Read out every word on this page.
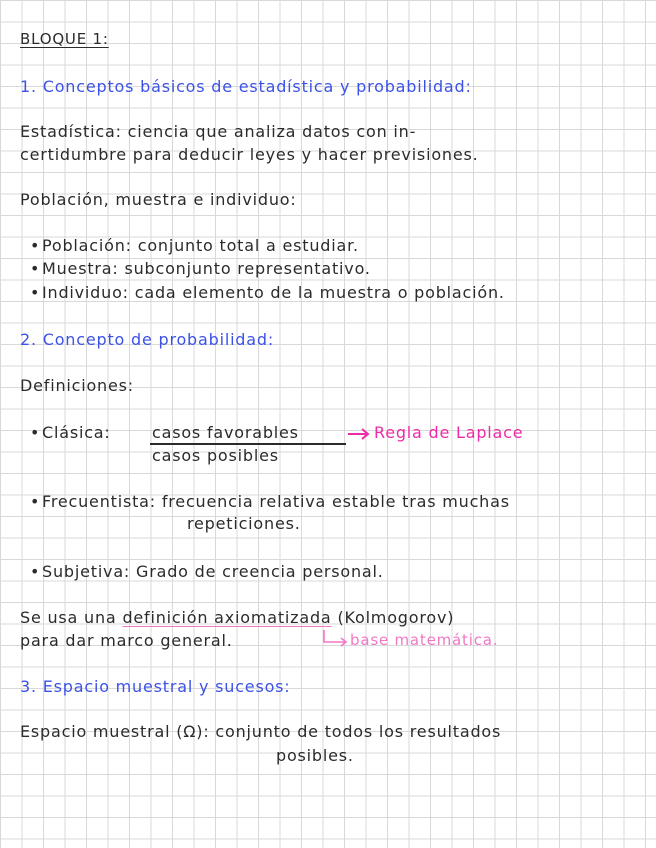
BLOQUE 1:
1. Conceptos básicos de estadística y probabilidad:
Estadística: ciencia que analiza datos con in-
certidumbre para deducir leyes y hacer previsiones.
Población, muestra e individuo:
• Población: conjunto total a estudiar.
• Muestra: subconjunto representativo.
• Individuo: cada elemento de la muestra o población.
2. Concepto de probabilidad:
Definiciones:
• Clásica:	casos favorables
casos posibles
Regla de Laplace
• Frecuentista: frecuencia relativa estable tras muchas
repeticiones.
• Subjetiva: Grado de creencia personal.
Se usa una definición axiomatizada (Kolmogorov)
para dar marco general.	base matemática.
3. Espacio muestral y sucesos:
Espacio muestral (Ω): conjunto de todos los resultados
posibles.
